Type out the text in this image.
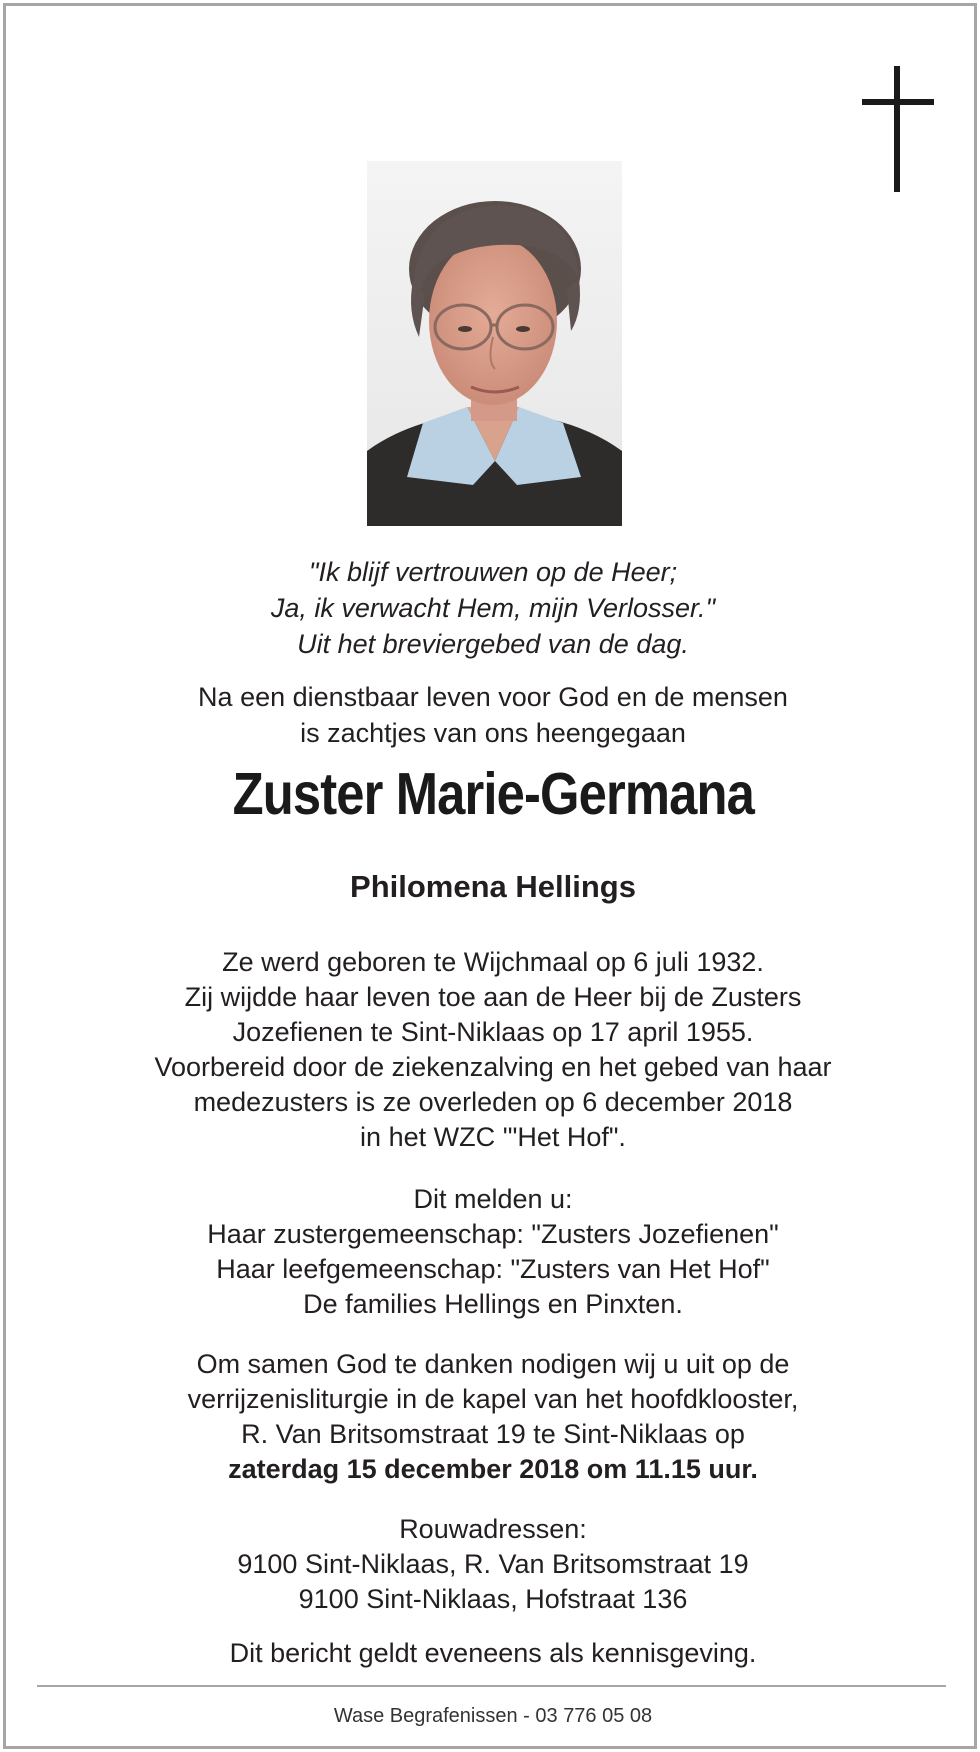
"Ik blijf vertrouwen op de Heer;
Ja, ik verwacht Hem, mijn Verlosser."
Uit het breviergebed van de dag.
Na een dienstbaar leven voor God en de mensen
is zachtjes van ons heengegaan
Zuster Marie-Germana
Philomena Hellings
Ze werd geboren te Wijchmaal op 6 juli 1932.
Zij wijdde haar leven toe aan de Heer bij de Zusters
Jozefienen te Sint-Niklaas op 17 april 1955.
Voorbereid door de ziekenzalving en het gebed van haar
medezusters is ze overleden op 6 december 2018
in het WZC '"Het Hof".
Dit melden u:
Haar zustergemeenschap: "Zusters Jozefienen"
Haar leefgemeenschap: "Zusters van Het Hof"
De families Hellings en Pinxten.
Om samen God te danken nodigen wij u uit op de
verrijzenisliturgie in de kapel van het hoofdklooster,
R. Van Britsomstraat 19 te Sint-Niklaas op
zaterdag 15 december 2018 om 11.15 uur.
Rouwadressen:
9100 Sint-Niklaas, R. Van Britsomstraat 19
9100 Sint-Niklaas, Hofstraat 136
Dit bericht geldt eveneens als kennisgeving.
Wase Begrafenissen - 03 776 05 08
